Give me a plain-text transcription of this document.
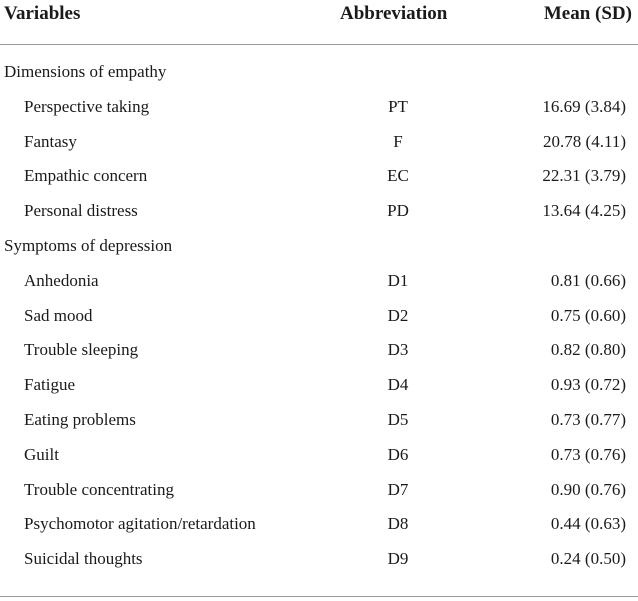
Variables	Abbreviation	Mean (SD)
Dimensions of empathy
Perspective taking	PT	16.69 (3.84)
Fantasy	F	20.78 (4.11)
Empathic concern	EC	22.31 (3.79)
Personal distress	PD	13.64 (4.25)
Symptoms of depression
Anhedonia	D1	0.81 (0.66)
Sad mood	D2	0.75 (0.60)
Trouble sleeping	D3	0.82 (0.80)
Fatigue	D4	0.93 (0.72)
Eating problems	D5	0.73 (0.77)
Guilt	D6	0.73 (0.76)
Trouble concentrating	D7	0.90 (0.76)
Psychomotor agitation/retardation	D8	0.44 (0.63)
Suicidal thoughts	D9	0.24 (0.50)
